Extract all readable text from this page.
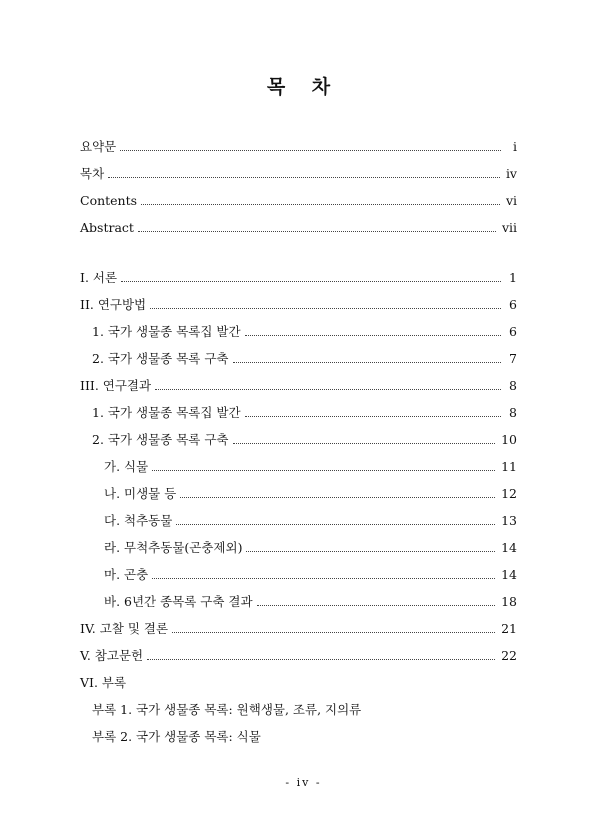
목 차
요약문	i
목차	iv
Contents	vi
Abstract	vii
I. 서론	1
II. 연구방법	6
1. 국가 생물종 목록집 발간	6
2. 국가 생물종 목록 구축	7
III. 연구결과	8
1. 국가 생물종 목록집 발간	8
2. 국가 생물종 목록 구축	10
가. 식물	11
나. 미생물 등	12
다. 척추동물	13
라. 무척추동물(곤충제외)	14
마. 곤충	14
바. 6년간 종목록 구축 결과	18
IV. 고찰 및 결론	21
V. 참고문헌	22
VI. 부록
부록 1. 국가 생물종 목록: 원핵생물, 조류, 지의류
부록 2. 국가 생물종 목록: 식물
- iv -
